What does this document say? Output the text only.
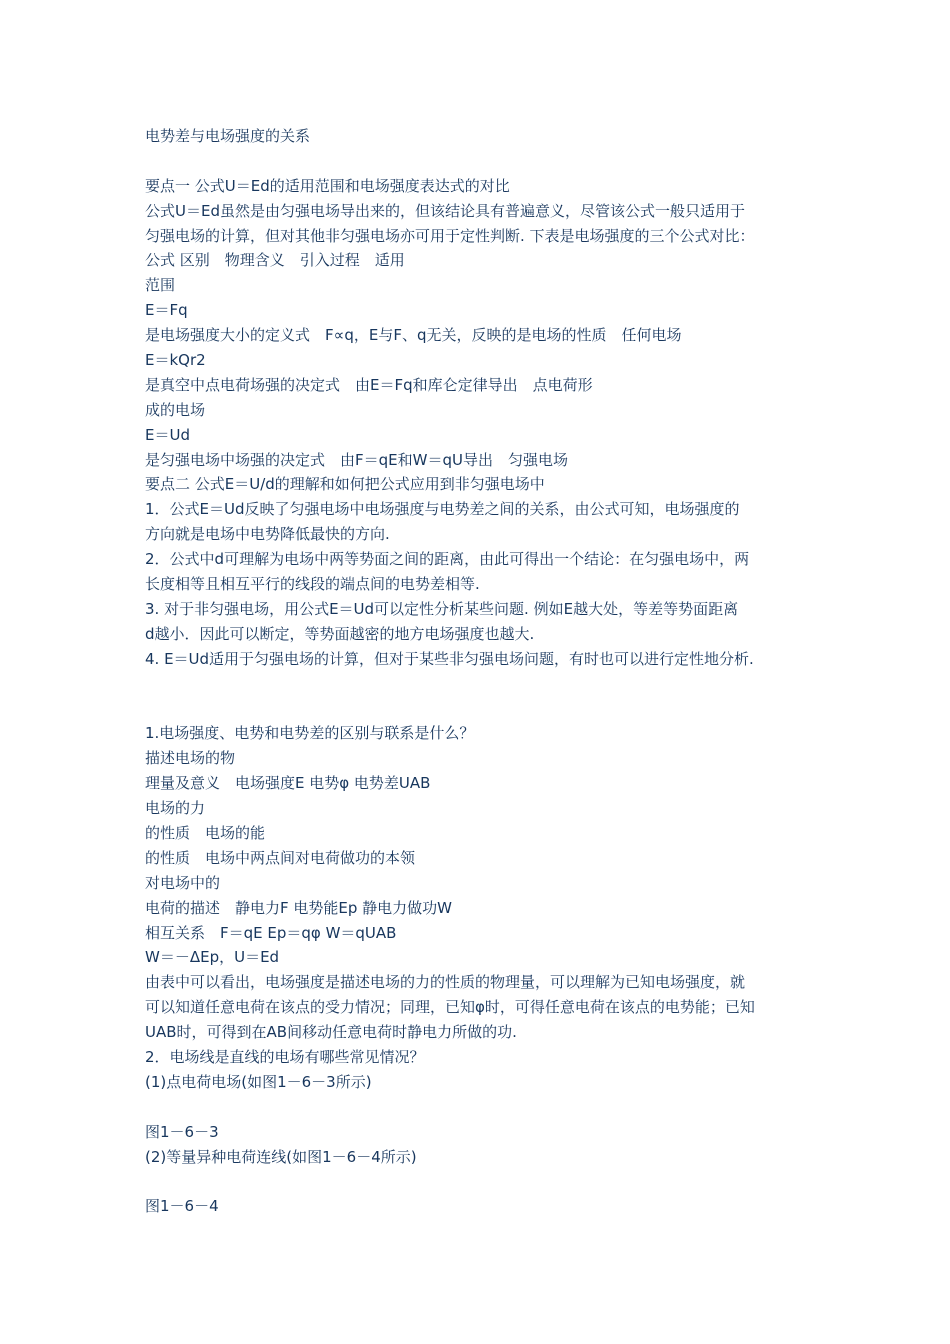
电势差与电场强度的关系
要点一 公式U＝Ed的适用范围和电场强度表达式的对比
公式U＝Ed虽然是由匀强电场导出来的，但该结论具有普遍意义，尽管该公式一般只适用于
匀强电场的计算，但对其他非匀强电场亦可用于定性判断. 下表是电场强度的三个公式对比：
公式 区别　物理含义　引入过程　适用
范围
E＝Fq
是电场强度大小的定义式　F∝q，E与F、q无关，反映的是电场的性质　任何电场
E＝kQr2
是真空中点电荷场强的决定式　由E＝Fq和库仑定律导出　点电荷形
成的电场
E＝Ud
是匀强电场中场强的决定式　由F＝qE和W＝qU导出　匀强电场
要点二 公式E＝U/d的理解和如何把公式应用到非匀强电场中
1．公式E＝Ud反映了匀强电场中电场强度与电势差之间的关系，由公式可知，电场强度的
方向就是电场中电势降低最快的方向.
2．公式中d可理解为电场中两等势面之间的距离，由此可得出一个结论：在匀强电场中，两
长度相等且相互平行的线段的端点间的电势差相等.
3. 对于非匀强电场，用公式E＝Ud可以定性分析某些问题. 例如E越大处，等差等势面距离
d越小．因此可以断定，等势面越密的地方电场强度也越大.
4. E＝Ud适用于匀强电场的计算，但对于某些非匀强电场问题，有时也可以进行定性地分析.
1.电场强度、电势和电势差的区别与联系是什么？
描述电场的物
理量及意义　电场强度E 电势φ 电势差UAB
电场的力
的性质　电场的能
的性质　电场中两点间对电荷做功的本领
对电场中的
电荷的描述　静电力F 电势能Ep 静电力做功W
相互关系　F＝qE Ep＝qφ W＝qUAB
W＝－ΔEp，U＝Ed
由表中可以看出，电场强度是描述电场的力的性质的物理量，可以理解为已知电场强度，就
可以知道任意电荷在该点的受力情况；同理，已知φ时，可得任意电荷在该点的电势能；已知
UAB时，可得到在AB间移动任意电荷时静电力所做的功.
2．电场线是直线的电场有哪些常见情况？
(1)点电荷电场(如图1－6－3所示)
图1－6－3
(2)等量异种电荷连线(如图1－6－4所示)
图1－6－4
